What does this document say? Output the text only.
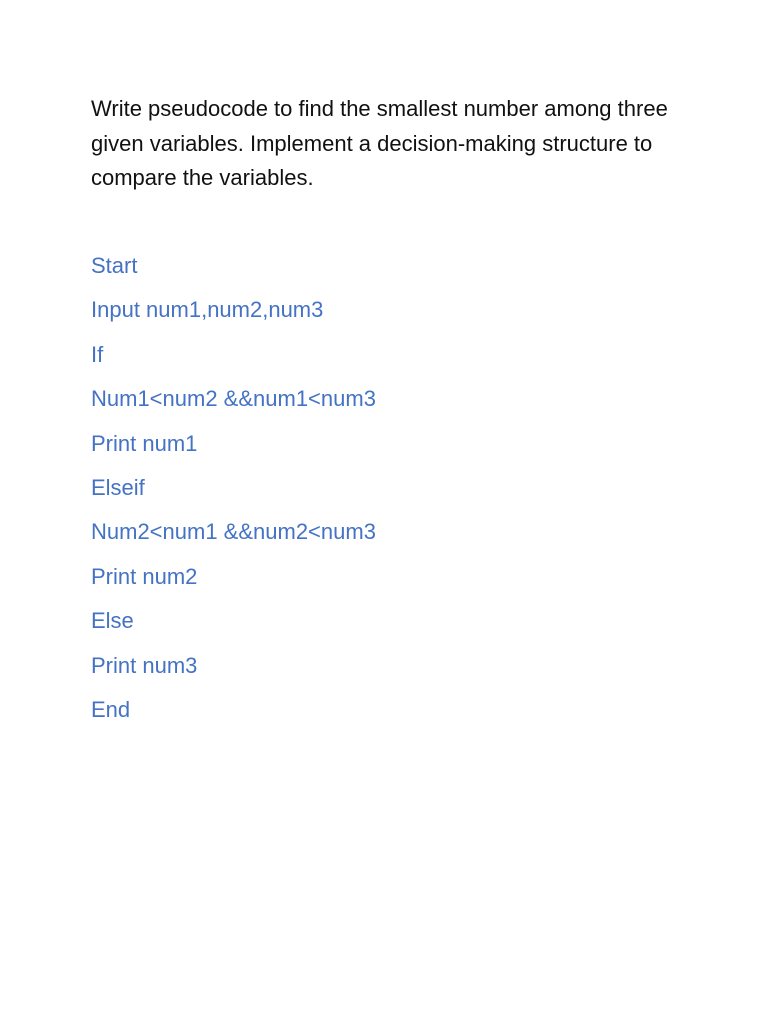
Write pseudocode to find the smallest number among three given variables. Implement a decision-making structure to compare the variables.

Start
Input num1,num2,num3
If
Num1<num2 &&num1<num3
Print num1
Elseif
Num2<num1 &&num2<num3
Print num2
Else
Print num3
End
